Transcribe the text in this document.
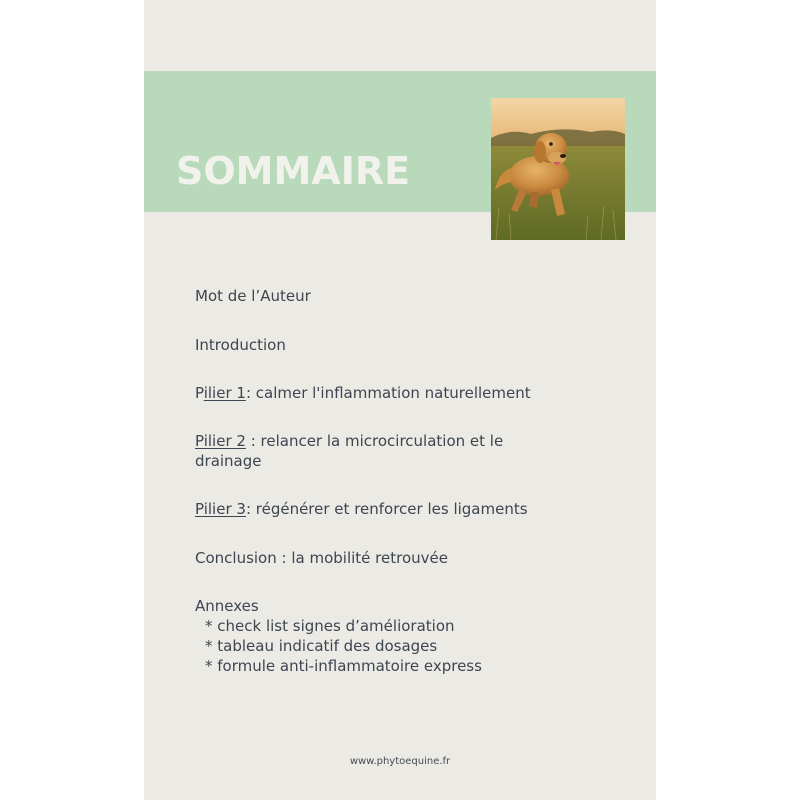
SOMMAIRE
Mot de l’Auteur
Introduction
Pilier 1: calmer l'inflammation naturellement
Pilier 2 : relancer la microcirculation et le drainage
Pilier 3: régénérer et renforcer les ligaments
Conclusion : la mobilité retrouvée
Annexes
* check list signes d’amélioration
* tableau indicatif des dosages
* formule anti-inflammatoire express
www.phytoequine.fr
